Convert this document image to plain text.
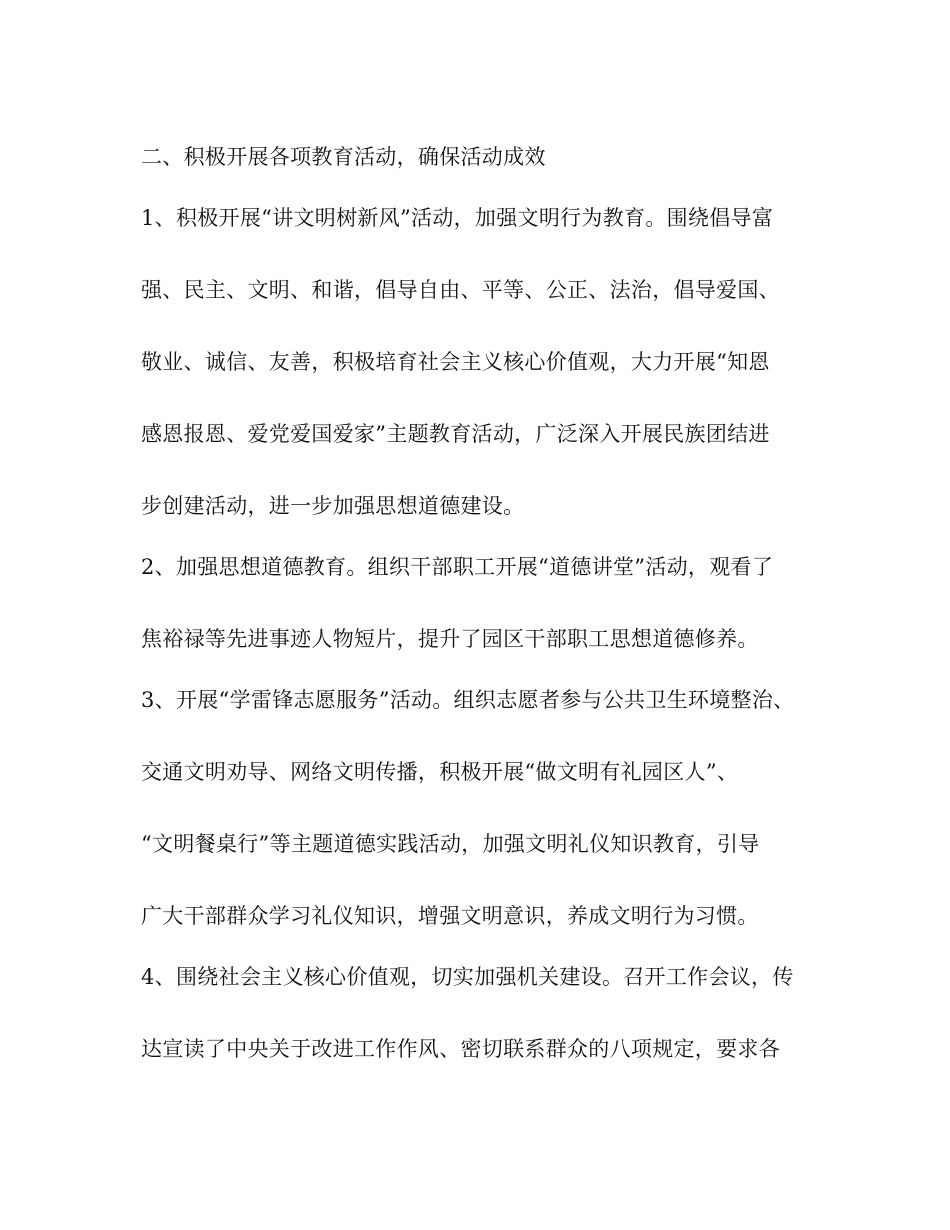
二、积极开展各项教育活动，确保活动成效
1、积极开展“讲文明树新风”活动，加强文明行为教育。围绕倡导富
强、民主、文明、和谐，倡导自由、平等、公正、法治，倡导爱国、
敬业、诚信、友善，积极培育社会主义核心价值观，大力开展“知恩
感恩报恩、爱党爱国爱家”主题教育活动，广泛深入开展民族团结进
步创建活动，进一步加强思想道德建设。
2、加强思想道德教育。组织干部职工开展“道德讲堂”活动，观看了
焦裕禄等先进事迹人物短片，提升了园区干部职工思想道德修养。
3、开展“学雷锋志愿服务”活动。组织志愿者参与公共卫生环境整治、
交通文明劝导、网络文明传播，积极开展“做文明有礼园区人”、
“文明餐桌行”等主题道德实践活动，加强文明礼仪知识教育，引导
广大干部群众学习礼仪知识，增强文明意识，养成文明行为习惯。
4、围绕社会主义核心价值观，切实加强机关建设。召开工作会议，传
达宣读了中央关于改进工作作风、密切联系群众的八项规定，要求各
